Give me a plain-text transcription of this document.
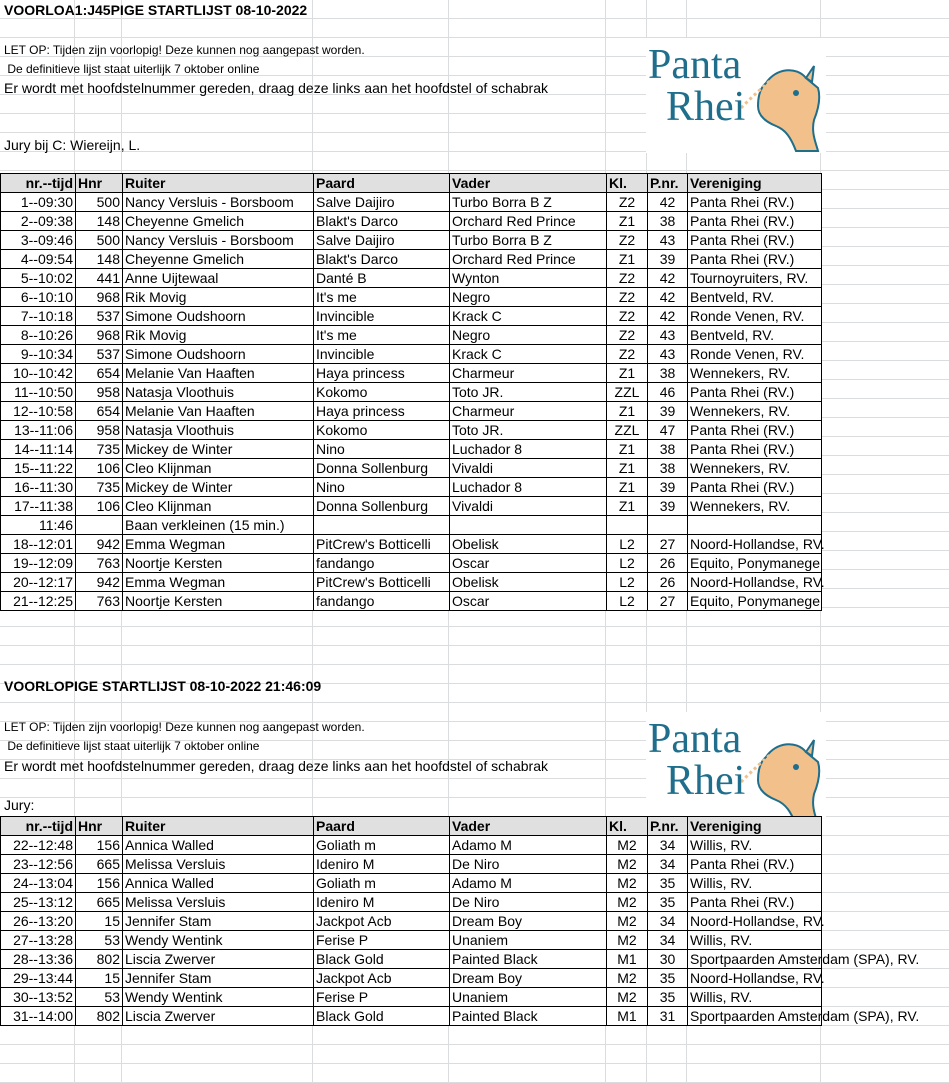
VOORLOA1:J45PIGE STARTLIJST 08-10-2022
LET OP: Tijden zijn voorlopig! Deze kunnen nog aangepast worden.
De definitieve lijst staat uiterlijk 7 oktober online
Er wordt met hoofdstelnummer gereden, draag deze links aan het hoofdstel of schabrak
Jury bij C: Wiereijn, L.
Panta
Rhei
nr.--tijd	Hnr	Ruiter	Paard	Vader	Kl.	P.nr.	Vereniging
1--09:30	500	Nancy Versluis - Borsboom	Salve Daijiro	Turbo Borra B Z	Z2	42	Panta Rhei (RV.)
2--09:38	148	Cheyenne Gmelich	Blakt's Darco	Orchard Red Prince	Z1	38	Panta Rhei (RV.)
3--09:46	500	Nancy Versluis - Borsboom	Salve Daijiro	Turbo Borra B Z	Z2	43	Panta Rhei (RV.)
4--09:54	148	Cheyenne Gmelich	Blakt's Darco	Orchard Red Prince	Z1	39	Panta Rhei (RV.)
5--10:02	441	Anne Uijtewaal	Danté B	Wynton	Z2	42	Tournoyruiters, RV.
6--10:10	968	Rik Movig	It's me	Negro	Z2	42	Bentveld, RV.
7--10:18	537	Simone Oudshoorn	Invincible	Krack C	Z2	42	Ronde Venen, RV.
8--10:26	968	Rik Movig	It's me	Negro	Z2	43	Bentveld, RV.
9--10:34	537	Simone Oudshoorn	Invincible	Krack C	Z2	43	Ronde Venen, RV.
10--10:42	654	Melanie Van Haaften	Haya princess	Charmeur	Z1	38	Wennekers, RV.
11--10:50	958	Natasja Vloothuis	Kokomo	Toto JR.	ZZL	46	Panta Rhei (RV.)
12--10:58	654	Melanie Van Haaften	Haya princess	Charmeur	Z1	39	Wennekers, RV.
13--11:06	958	Natasja Vloothuis	Kokomo	Toto JR.	ZZL	47	Panta Rhei (RV.)
14--11:14	735	Mickey de Winter	Nino	Luchador 8	Z1	38	Panta Rhei (RV.)
15--11:22	106	Cleo Klijnman	Donna Sollenburg	Vivaldi	Z1	38	Wennekers, RV.
16--11:30	735	Mickey de Winter	Nino	Luchador 8	Z1	39	Panta Rhei (RV.)
17--11:38	106	Cleo Klijnman	Donna Sollenburg	Vivaldi	Z1	39	Wennekers, RV.
11:46		Baan verkleinen (15 min.)					
18--12:01	942	Emma Wegman	PitCrew's Botticelli	Obelisk	L2	27	Noord-Hollandse, RV.
19--12:09	763	Noortje Kersten	fandango	Oscar	L2	26	Equito, Ponymanege
20--12:17	942	Emma Wegman	PitCrew's Botticelli	Obelisk	L2	26	Noord-Hollandse, RV.
21--12:25	763	Noortje Kersten	fandango	Oscar	L2	27	Equito, Ponymanege
VOORLOPIGE STARTLIJST 08-10-2022 21:46:09
LET OP: Tijden zijn voorlopig! Deze kunnen nog aangepast worden.
De definitieve lijst staat uiterlijk 7 oktober online
Er wordt met hoofdstelnummer gereden, draag deze links aan het hoofdstel of schabrak
Jury:
Panta
Rhei
nr.--tijd	Hnr	Ruiter	Paard	Vader	Kl.	P.nr.	Vereniging
22--12:48	156	Annica Walled	Goliath m	Adamo M	M2	34	Willis, RV.
23--12:56	665	Melissa Versluis	Ideniro M	De Niro	M2	34	Panta Rhei (RV.)
24--13:04	156	Annica Walled	Goliath m	Adamo M	M2	35	Willis, RV.
25--13:12	665	Melissa Versluis	Ideniro M	De Niro	M2	35	Panta Rhei (RV.)
26--13:20	15	Jennifer Stam	Jackpot Acb	Dream Boy	M2	34	Noord-Hollandse, RV.
27--13:28	53	Wendy Wentink	Ferise P	Unaniem	M2	34	Willis, RV.
28--13:36	802	Liscia Zwerver	Black Gold	Painted Black	M1	30	Sportpaarden Amsterdam (SPA), RV.
29--13:44	15	Jennifer Stam	Jackpot Acb	Dream Boy	M2	35	Noord-Hollandse, RV.
30--13:52	53	Wendy Wentink	Ferise P	Unaniem	M2	35	Willis, RV.
31--14:00	802	Liscia Zwerver	Black Gold	Painted Black	M1	31	Sportpaarden Amsterdam (SPA), RV.
